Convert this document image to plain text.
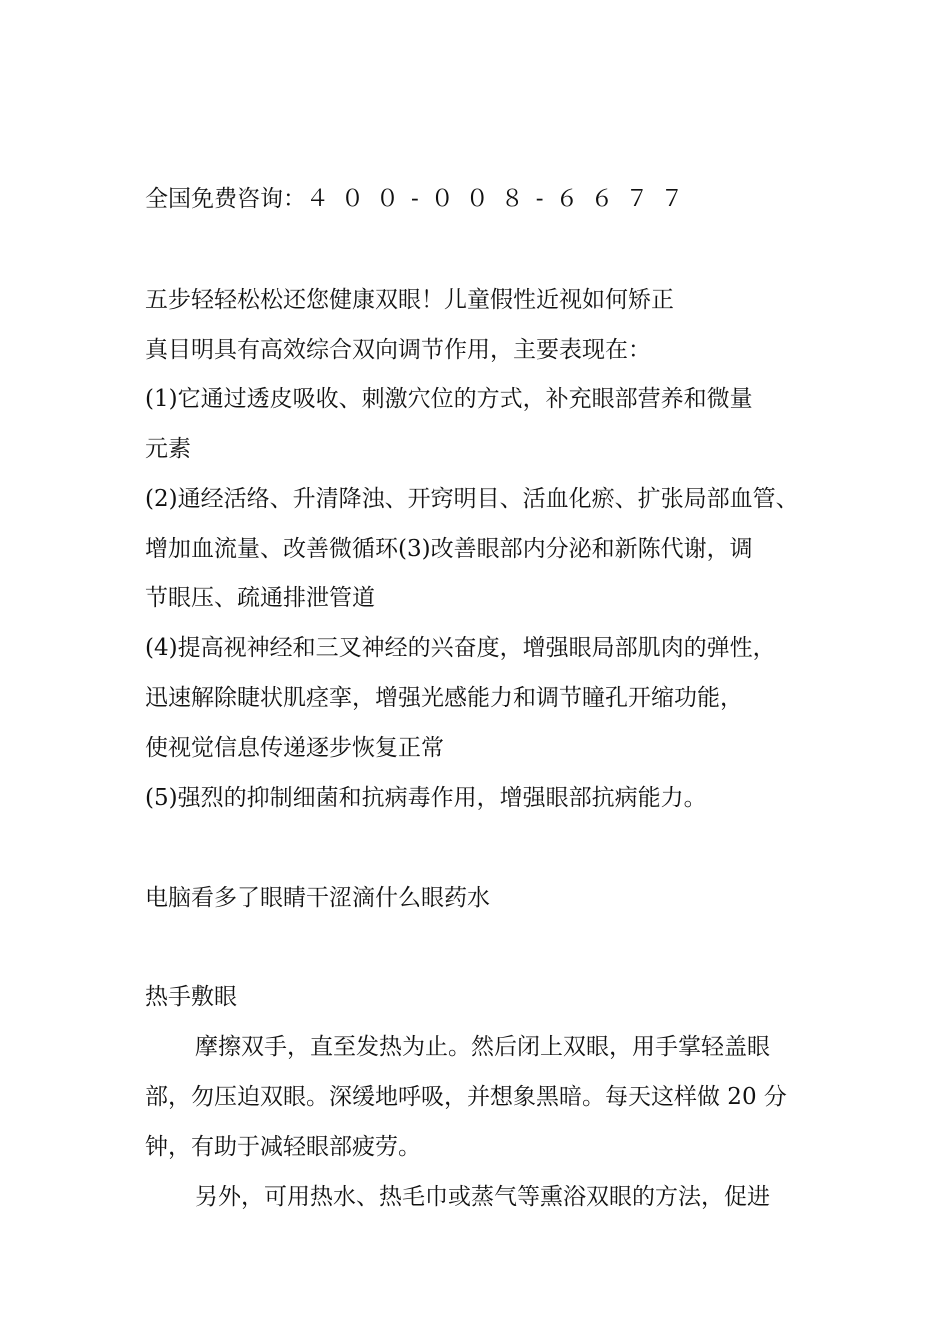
全国免费咨询：４００-００８-６６７７
五步轻轻松松还您健康双眼！儿童假性近视如何矫正
真目明具有高效综合双向调节作用，主要表现在：
(1)它通过透皮吸收、刺激穴位的方式，补充眼部营养和微量
元素
(2)通经活络、升清降浊、开窍明目、活血化瘀、扩张局部血管、
增加血流量、改善微循环(3)改善眼部内分泌和新陈代谢，调
节眼压、疏通排泄管道
(4)提高视神经和三叉神经的兴奋度，增强眼局部肌肉的弹性，
迅速解除睫状肌痉挛，增强光感能力和调节瞳孔开缩功能，
使视觉信息传递逐步恢复正常
(5)强烈的抑制细菌和抗病毒作用，增强眼部抗病能力。
电脑看多了眼睛干涩滴什么眼药水
热手敷眼
摩擦双手，直至发热为止。然后闭上双眼，用手掌轻盖眼
部，勿压迫双眼。深缓地呼吸，并想象黑暗。每天这样做 20 分
钟，有助于减轻眼部疲劳。
另外，可用热水、热毛巾或蒸气等熏浴双眼的方法，促进
